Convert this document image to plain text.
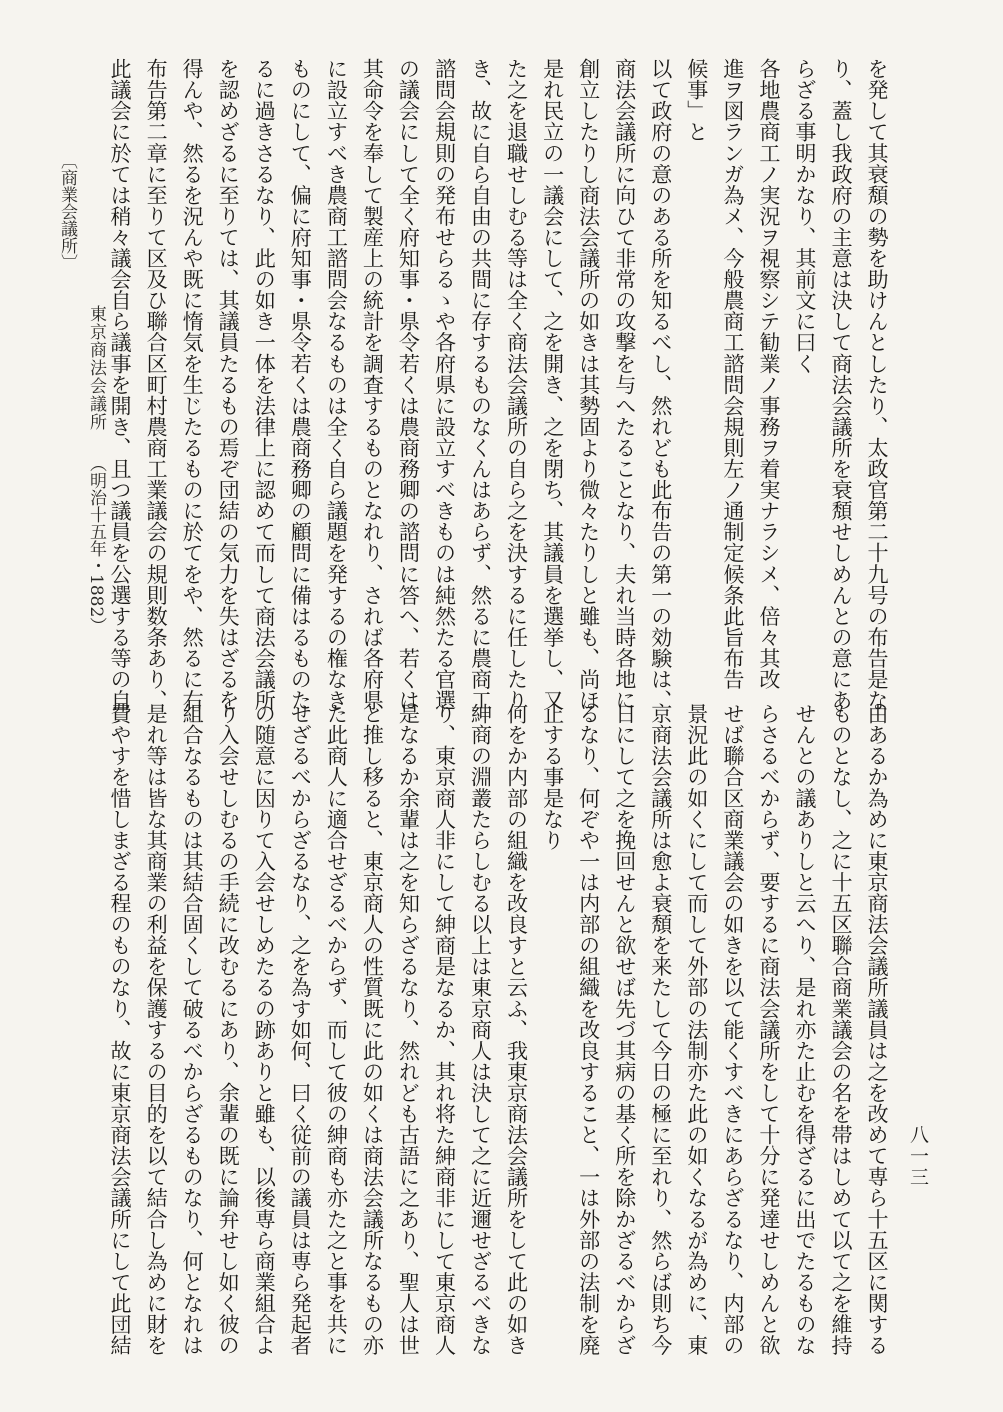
を発して其衰頽の勢を助けんとしたり、太政官第二十九号の布告是な
り、蓋し我政府の主意は決して商法会議所を衰頽せしめんとの意にあ
らざる事明かなり、其前文に曰く
各地農商工ノ実況ヲ視察シテ勧業ノ事務ヲ着実ナラシメ、倍々其改
進ヲ図ランガ為メ、今般農商工諮問会規則左ノ通制定候条此旨布告
候事」と
以て政府の意のある所を知るべし、然れども此布告の第一の効験は、
商法会議所に向ひて非常の攻撃を与へたることなり、夫れ当時各地に
創立したりし商法会議所の如きは其勢固より微々たりしと雖も、尚ほ
是れ民立の一議会にして、之を開き、之を閉ち、其議員を選挙し、又
た之を退職せしむる等は全く商法会議所の自ら之を決するに任したり
き、故に自ら自由の共間に存するものなくんはあらず、然るに農商工
諮問会規則の発布せらるゝや各府県に設立すべきものは純然たる官選
の議会にして全く府知事・県令若くは農商務卿の諮問に答へ、若くは
其命令を奉して製産上の統計を調査するものとなれり、されば各府県
に設立すべき農商工諮問会なるものは全く自ら議題を発するの権なき
ものにして、偏に府知事・県令若くは農商務卿の顧問に備はるものた
るに過きさるなり、此の如き一体を法律上に認めて而して商法会議所
を認めざるに至りては、其議員たるもの焉ぞ団結の気力を失はざるを
得んや、然るを況んや既に惰気を生じたるものに於てをや、然るに右
布告第二章に至りて区及ひ聯合区町村農商工業議会の規則数条あり、
此議会に於ては稍々議会自ら議事を開き、且つ議員を公選する等の自
由あるか為めに東京商法会議所議員は之を改めて専ら十五区に関する
ものとなし、之に十五区聯合商業議会の名を帯はしめて以て之を維持
せんとの議ありしと云へり、是れ亦た止むを得ざるに出でたるものな
らさるべからず、要するに商法会議所をして十分に発達せしめんと欲
せば聯合区商業議会の如きを以て能くすべきにあらざるなり、内部の
景況此の如くにして而して外部の法制亦た此の如くなるが為めに、東
京商法会議所は愈よ衰頽を来たして今日の極に至れり、然らば則ち今
日にして之を挽回せんと欲せば先づ其病の基く所を除かざるべからざ
るなり、何ぞや一は内部の組織を改良すること、一は外部の法制を廃
止する事是なり
何をか内部の組織を改良すと云ふ、我東京商法会議所をして此の如き
紳商の淵叢たらしむる以上は東京商人は決して之に近邇せざるべきな
り、東京商人非にして紳商是なるか、其れ将た紳商非にして東京商人
是なるか余輩は之を知らざるなり、然れども古語に之あり、聖人は世
と推し移ると、東京商人の性質既に此の如くは商法会議所なるもの亦
た此商人に適合せざるべからず、而して彼の紳商も亦た之と事を共に
せざるべからざるなり、之を為す如何、曰く従前の議員は専ら発起者
の随意に因りて入会せしめたるの跡ありと雖も、以後専ら商業組合よ
り入会せしむるの手続に改むるにあり、余輩の既に論弁せし如く彼の
組合なるものは其結合固くして破るべからざるものなり、何となれは
是れ等は皆な其商業の利益を保護するの目的を以て結合し為めに財を
費やすを惜しまざる程のものなり、故に東京商法会議所にして此団結
〔商業会議所〕
東京商法会議所
（明治十五年・1882）
八一三
